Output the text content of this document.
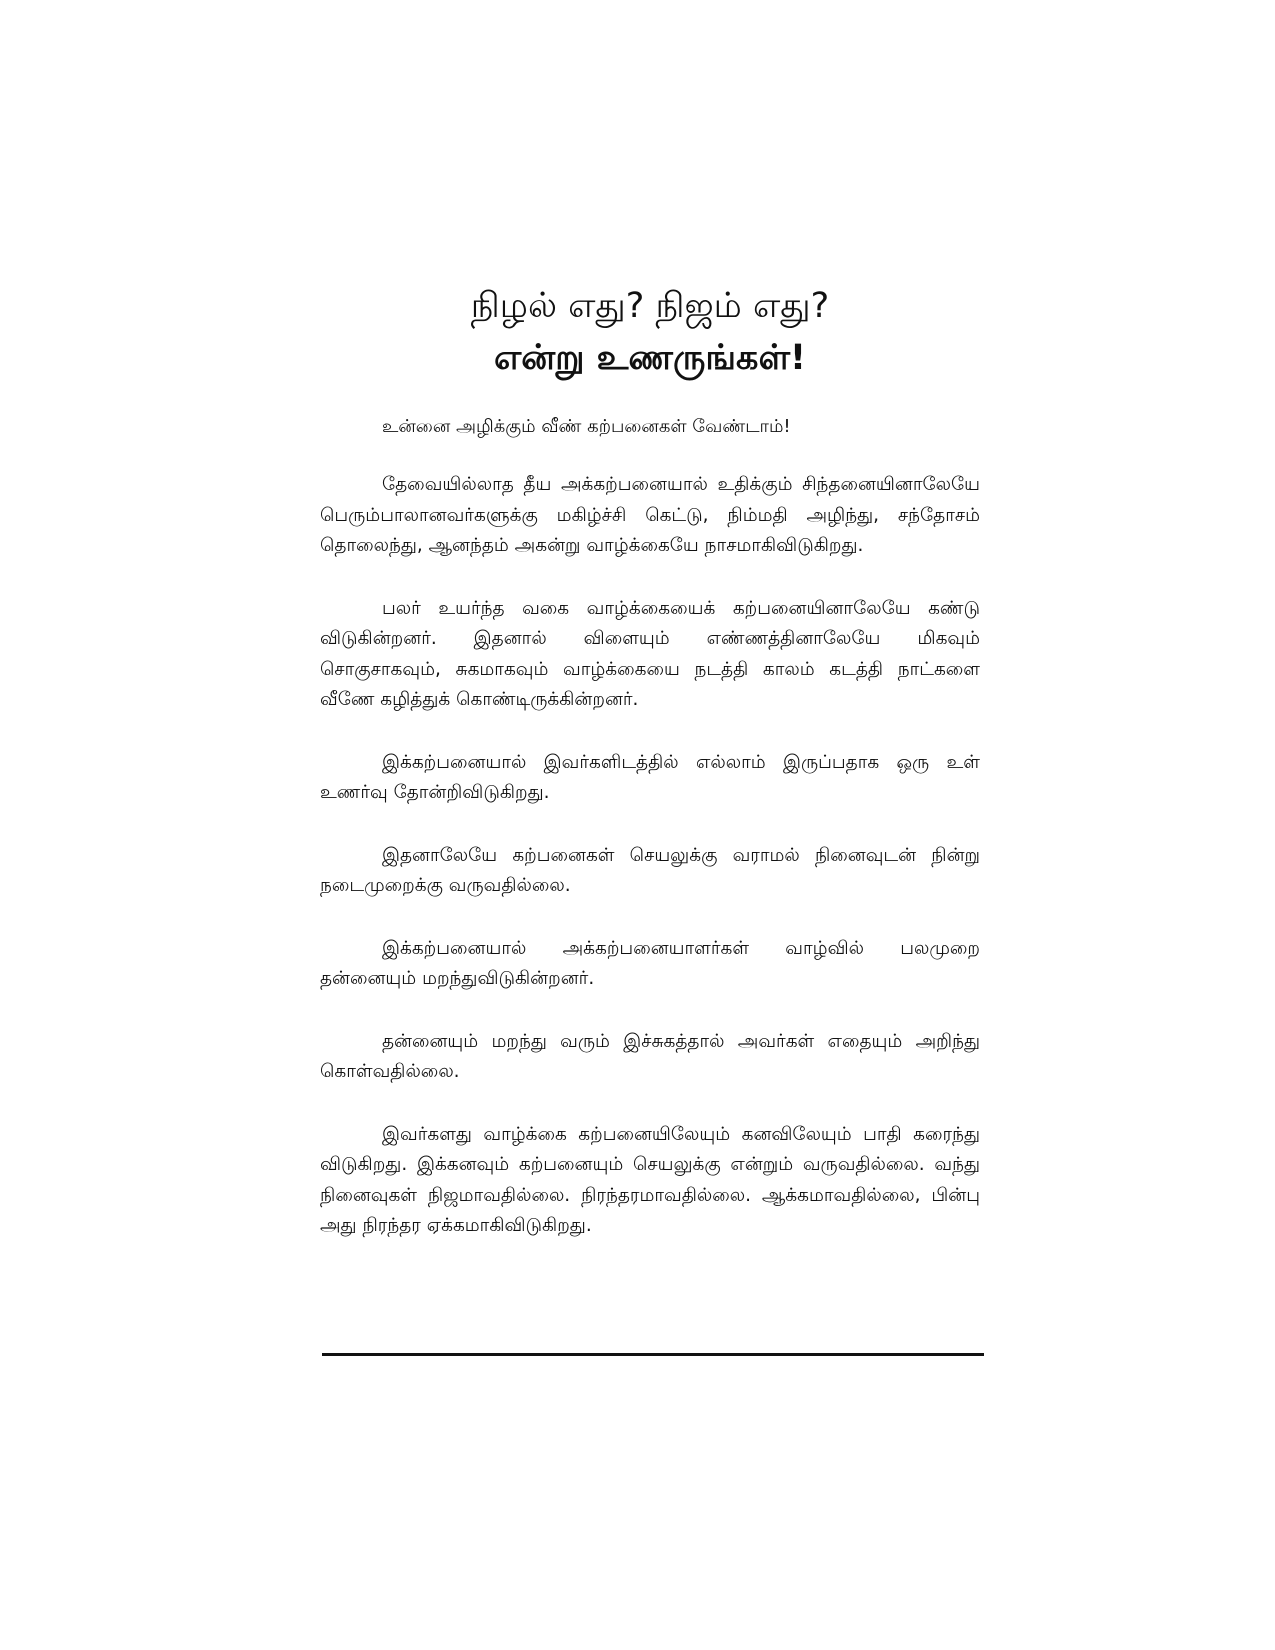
நிழல் எது? நிஜம் எது?
என்று உணருங்கள்!

உன்னை அழிக்கும் வீண் கற்பனைகள் வேண்டாம்!

தேவையில்லாத தீய அக்கற்பனையால் உதிக்கும் சிந்தனையினாலேயே பெரும்பாலானவர்களுக்கு மகிழ்ச்சி கெட்டு, நிம்மதி அழிந்து, சந்தோசம் தொலைந்து, ஆனந்தம் அகன்று வாழ்க்கையே நாசமாகிவிடுகிறது.

பலர் உயர்ந்த வகை வாழ்க்கையைக் கற்பனையினாலேயே கண்டு விடுகின்றனர். இதனால் விளையும் எண்ணத்தினாலேயே மிகவும் சொகுசாகவும், சுகமாகவும் வாழ்க்கையை நடத்தி காலம் கடத்தி நாட்களை வீணே கழித்துக் கொண்டிருக்கின்றனர்.

இக்கற்பனையால் இவர்களிடத்தில் எல்லாம் இருப்பதாக ஒரு உள் உணர்வு தோன்றிவிடுகிறது.

இதனாலேயே கற்பனைகள் செயலுக்கு வராமல் நினைவுடன் நின்று நடைமுறைக்கு வருவதில்லை.

இக்கற்பனையால் அக்கற்பனையாளர்கள் வாழ்வில் பலமுறை தன்னையும் மறந்துவிடுகின்றனர்.

தன்னையும் மறந்து வரும் இச்சுகத்தால் அவர்கள் எதையும் அறிந்து கொள்வதில்லை.

இவர்களது வாழ்க்கை கற்பனையிலேயும் கனவிலேயும் பாதி கரைந்து விடுகிறது. இக்கனவும் கற்பனையும் செயலுக்கு என்றும் வருவதில்லை. வந்து நினைவுகள் நிஜமாவதில்லை. நிரந்தரமாவதில்லை. ஆக்கமாவதில்லை, பின்பு அது நிரந்தர ஏக்கமாகிவிடுகிறது.
